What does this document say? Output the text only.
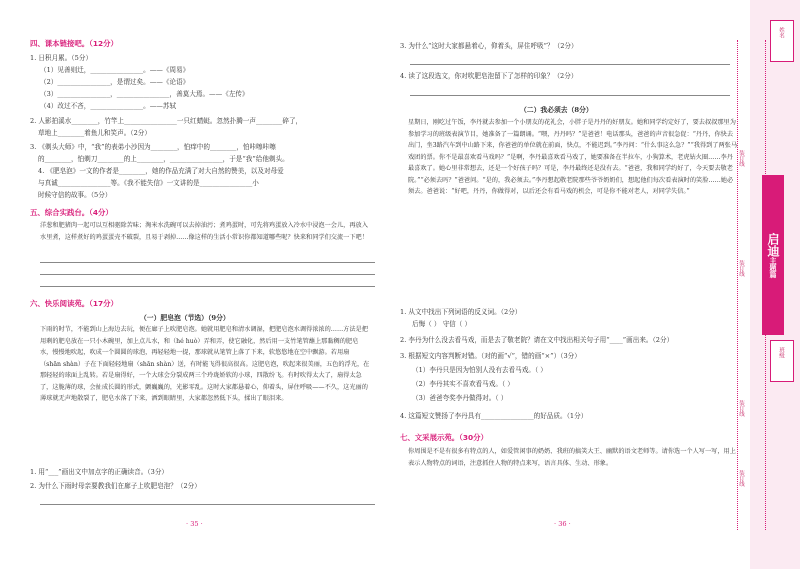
四、课本链接吧。（12分）
1. 日积月累。（5分）
（1）见善则迁，________________。——《周易》
（2）________________，是谓过矣。——《论语》
（3）________________，________________，善莫大焉。——《左传》
（4）改过不吝，________________。——苏轼
2. 人影拍溪水________，竹竿上________________一只红蜻蜓。忽然扑腾一声________碎了，
草地上________着鱼儿和笑声。（2分）
3. 《剃头大师》中，“我”的表弟小沙因为________，怕痒中的________，怕咔嚓咔嚓
的________，怕剃刀________的上________，________________，于是“我”给他剃头。
4. 《肥皂泡》一文的作者是________，她的作品充满了对大自然的赞美，以及对母爱
与真诚________________等。《我不能失信》一文讲的是________________小
时候守信的故事。（5分）
五、综合实践台。（4分）
洋葱和肥猪肉一起可以互相驱除苦味；淘米水洗碗可以去掉油污；煮鸡蛋时，可先将鸡蛋放入冷水中浸泡一会儿，再放入水里煮，这样煮好的鸡蛋蛋壳不破裂，且易于剥掉……像这样的生活小常识你都知道哪些呢？快来和同学们交流一下吧！
六、快乐阅读苑。（17分）
（一）肥皂泡（节选）（9分）
下雨的时节，不能到山上海边去玩，便在廊子上吹肥皂泡。她就用肥皂和清水调湿，把肥皂泡水调得浓浓的……方法是把用剩的肥皂放在一只小木碗里，加上点儿水，和（hé huò）弄和弄，使它融化，然后用一支竹笔管蘸上那黏稠的肥皂水，慢慢地吹起，吹成一个圆圆的球泡，再轻轻地一提，那球就从笔管上落了下来，软悠悠地在空中飘游。若用扇（shān shàn）子在下面轻轻地扇（shān shàn）送，有时能飞得很高很高。这肥皂泡，吹起来很美丽，五色的浮光，在那轻轻的球面上乱转。若是扇得好，一个大球会分裂成两三个玲珑娇软的小球，四散纷飞。有时吹得太大了，扇得太急了，这脆薄的球，会扯成长圆的形式，颤巍巍的，光影零乱。这时大家都悬着心，仰着头，屏住呼吸——不久，这光丽的薄球就无声地散裂了，肥皂水落了下来，洒到眼睛里，大家都忽然低下头，揉出了眼泪来。
1. 用“___”画出文中加点字的正确读音。（3分）
2. 为什么下雨时母亲要教我们在廊子上吹肥皂泡？（2分）
· 35 ·
3. 为什么“这时大家都悬着心，仰着头，屏住呼吸”？（2分）
4. 读了这段选文，你对吹肥皂泡留下了怎样的印象？（2分）
（二）我必须去（8分）
星期日，刚吃过午饭，李丹就去参加一个小朋友的花礼会，小胖子是丹丹的好朋友。她和同学约定好了，要去叔叔那里为参加学习的班级表演节目，她准备了一篇朗诵。“喂，丹丹吗？”是爸爸！电话那头，爸爸的声音很急促：“丹丹，你快去出门，坐3路汽车到中山路下来，你爸爸的单位就在前面，快点，不能迟到。”李丹问：“什么事这么急？”“我得到了两张马戏团的票。你不是最喜欢看马戏吗？”是啊，李丹最喜欢看马戏了，她要准备在半拉车，小狗算术，老虎钻火圈……李丹最喜欢了。她心里非常想去，还是一个好孩子吗？可是，李丹最终还是没有去。“爸爸，我和同学约好了，今天要去敬老院。”“必须去吗？”爸爸问。“是的，我必须去。”李丹想起敬老院那些爷爷奶奶们，想起他们每次看表演时的笑脸……她必须去。爸爸说：“好吧，丹丹，你做得对，以后还会有看马戏的机会，可是你不能对老人，对同学失信。”
1. 从文中找出下列词语的反义词。（2分）
后悔（ ） 守信（ ）
2. 李丹为什么没去看马戏，而是去了敬老院？请在文中找出相关句子用“____”画出来。（2分）
3. 根据短文内容判断对错。（对的画“√”，错的画“×”）（3分）
（1）李丹只是因为怕别人没有去看马戏。（ ）
（2）李丹其实不喜欢看马戏。（ ）
（3）爸爸夸奖李丹做得对。（ ）
4. 这篇短文赞扬了李丹具有________________的好品质。（1分）
七、文采展示苑。（30分）
你周围是不是有很多有特点的人，如爱管闲事的奶奶、我班的搞笑大王、幽默的语文老师等。请你选一个人写一写，用上表示人物特点的词语，注意抓住人物的特点来写，语言具体、生动、形象。
· 36 ·
姓名
装订线
启迪主题篇
装订线
班级
装订线
装订线
